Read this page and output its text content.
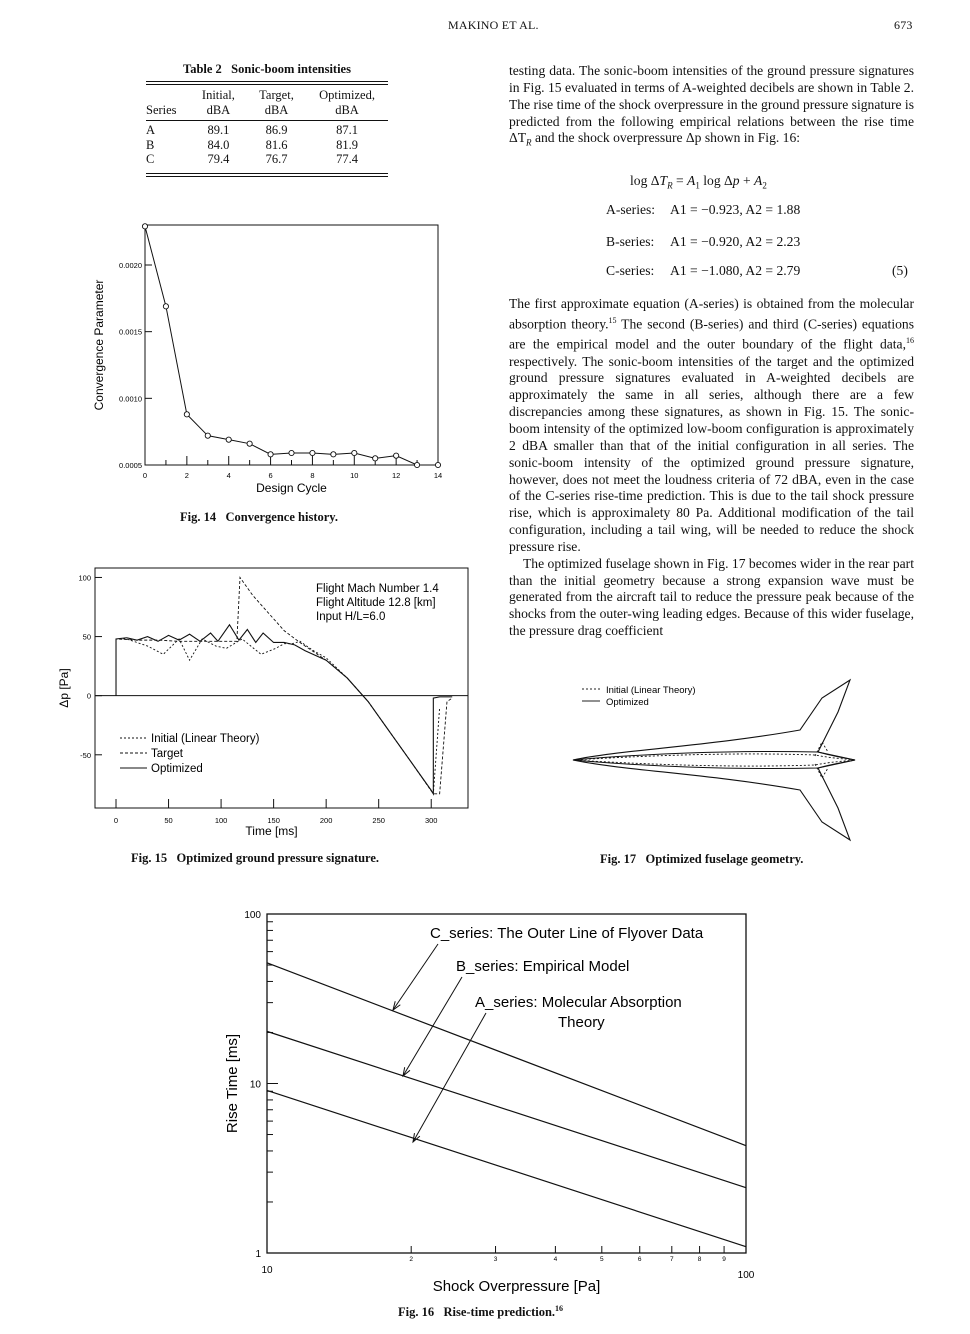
MAKINO ET AL.	673
Table 2 Sonic-boom intensities
	Initial,	Target,	Optimized,
Series	dBA	dBA	dBA

A	89.1	86.9	87.1
B	84.0	81.6	81.9
C	79.4	76.7	77.4

testing data. The sonic-boom intensities of the ground pressure signatures in Fig. 15 evaluated in terms of A-weighted decibels are shown in Table 2. The rise time of the shock overpressure in the ground pressure signature is predicted from the following empirical relations between the rise time $\Delta T_R$ and the shock overpressure Δp shown in Fig. 16:

$\log \Delta T_R = A_1$ $\log \Delta p + A_2$
A-series: A1 = −0.923, A2 = 1.88
B-series: A1 = −0.920, A2 = 2.23
C-series: A1 = −1.080, A2 = 2.79	(5)

The first approximate equation (A-series) is obtained from the molecular absorption theory.$^{15}$ The second (B-series) and third (C-series) equations are the empirical model and the outer boundary of the flight data,$^{16}$ respectively. The sonic-boom intensities of the target and the optimized ground pressure signatures evaluated in A-weighted decibels are approximately the same in all series, although there are a few discrepancies among these signatures, as shown in Fig. 15. The sonic-boom intensity of the optimized low-boom configuration is approximately 2 dBA smaller than that of the initial configuration in all series. The sonic-boom intensity of the optimized ground pressure signature, however, does not meet the loudness criteria of 72 dBA, even in the case of the C-series rise-time prediction. This is due to the tail shock pressure rise, which is approximalety 80 Pa. Additional modification of the tail configuration, including a tail wing, will be needed to reduce the shock pressure rise.

The optimized fuselage shown in Fig. 17 becomes wider in the rear part than the initial geometry because a strong expansion wave must be generated from the aircraft tail to reduce the pressure peak because of the shocks from the outer-wing leading edges. Because of this wider fuselage, the pressure drag coefficient

0	2	4	6	8	10	12	14
0.0005
0.0010
0.0015
0.0020
Design Cycle
Convergence Parameter
Fig. 14 Convergence history.
0	50	100	150	200	250	300
100
50
0
-50
Time [ms]
Δp [Pa]
Flight Mach Number 1.4
Flight Altitude 12.8 [km]
Input H/L=6.0
Initial (Linear Theory)
Target
Optimized
Fig. 15 Optimized ground pressure signature.
Initial (Linear Theory)
Optimized
Fig. 17 Optimized fuselage geometry.
1
10
100
2	3	4	5	6	7	8	9
10	100
Shock Overpressure [Pa]
Rise Time [ms]
C_series: The Outer Line of Flyover Data
B_series: Empirical Model
A_series: Molecular Absorption
Theory
Fig. 16 Rise-time prediction.$^{16}$
